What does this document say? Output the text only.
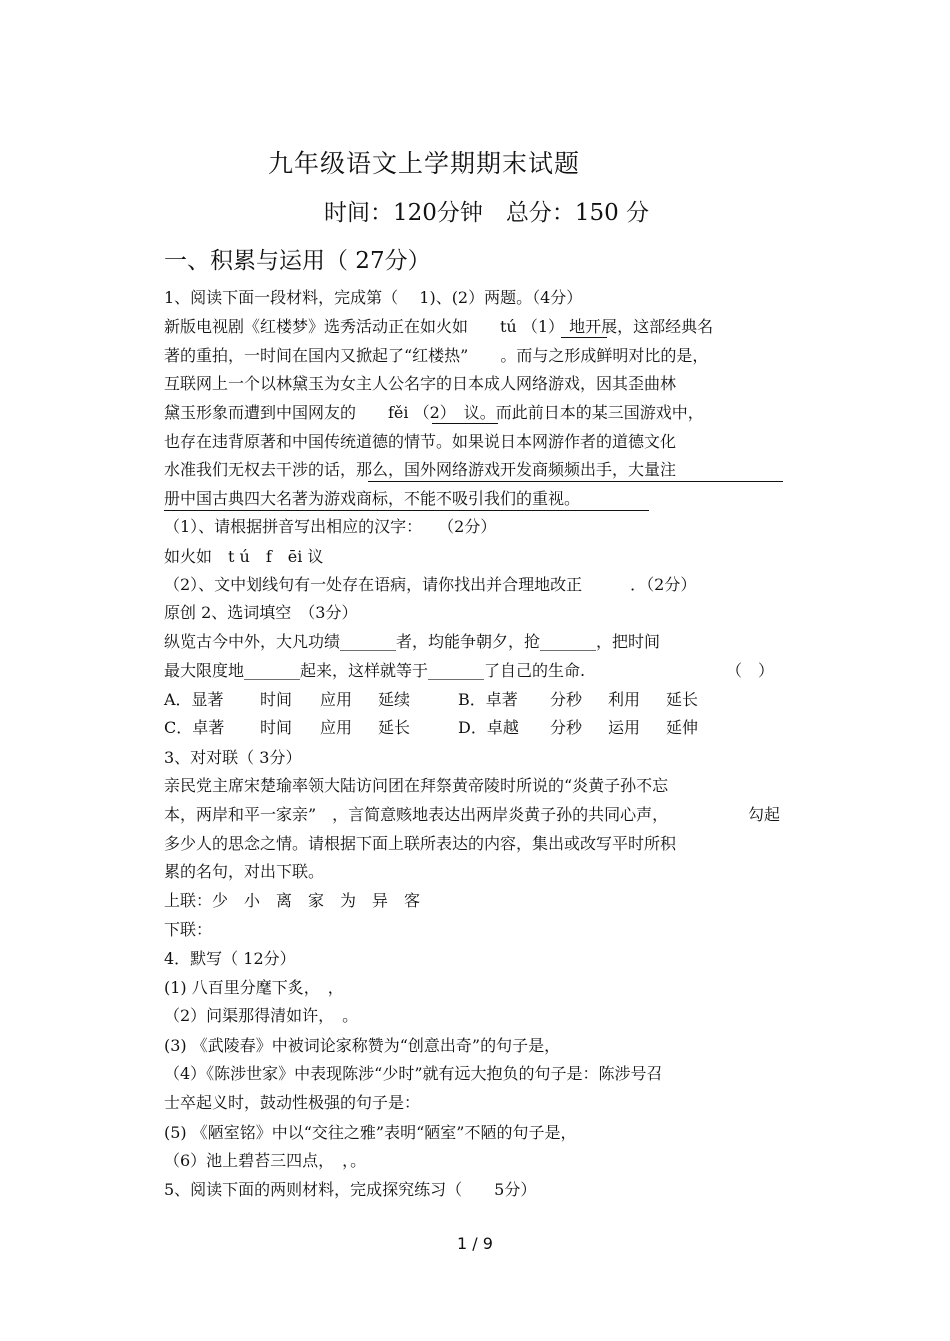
九年级语文上学期期末试题
时间：120分钟　总分：150 分
一、积累与运用（ 27分）
1、阅读下面一段材料，完成第（　 1)、(2）两题。（4分）
新版电视剧《红楼梦》选秀活动正在如火如　　tú （1） 地开展，这部经典名
著的重拍，一时间在国内又掀起了“红楼热”　　。而与之形成鲜明对比的是，
互联网上一个以林黛玉为女主人公名字的日本成人网络游戏，因其歪曲林
黛玉形象而遭到中国网友的　　fěi （2）　议。而此前日本的某三国游戏中，
也存在违背原著和中国传统道德的情节。如果说日本网游作者的道德文化
水准我们无权去干涉的话，那么，国外网络游戏开发商频频出手，大量注
册中国古典四大名著为游戏商标，不能不吸引我们的重视。
（1）、请根据拼音写出相应的汉字：　　（2分）
如火如　t ú　f　ēi 议
（2）、文中划线句有一处存在语病，请你找出并合理地改正　　　．（2分）
原创 2、选词填空　（3分）
纵览古今中外，大凡功绩_______者，均能争朝夕，抢_______，把时间
最大限度地_______起来，这样就等于_______了自己的生命.	（　）
A．显著 时间 应用 延续	B．卓著 分秒 利用 延长
C．卓著 时间 应用 延长	D．卓越 分秒 运用 延伸
3、对对联（ 3分）
亲民党主席宋楚瑜率领大陆访问团在拜祭黄帝陵时所说的“炎黄子孙不忘
本，两岸和平一家亲”　，言简意赅地表达出两岸炎黄子孙的共同心声，	勾起
多少人的思念之情。请根据下面上联所表达的内容，集出或改写平时所积
累的名句，对出下联。
上联：少　小　离　家　为　异　客
下联：
4．默写（ 12分）
(1) 八百里分麾下炙，　，
（2）问渠那得清如许，　。
(3) 《武陵春》中被词论家称赞为“创意出奇”的句子是，
（4）《陈涉世家》中表现陈涉“少时”就有远大抱负的句子是：陈涉号召
士卒起义时，鼓动性极强的句子是：
(5) 《陋室铭》中以“交往之雅”表明“陋室”不陋的句子是，
（6）池上碧苔三四点，　，。
5、阅读下面的两则材料，完成探究练习（　　5分）
1 / 9
